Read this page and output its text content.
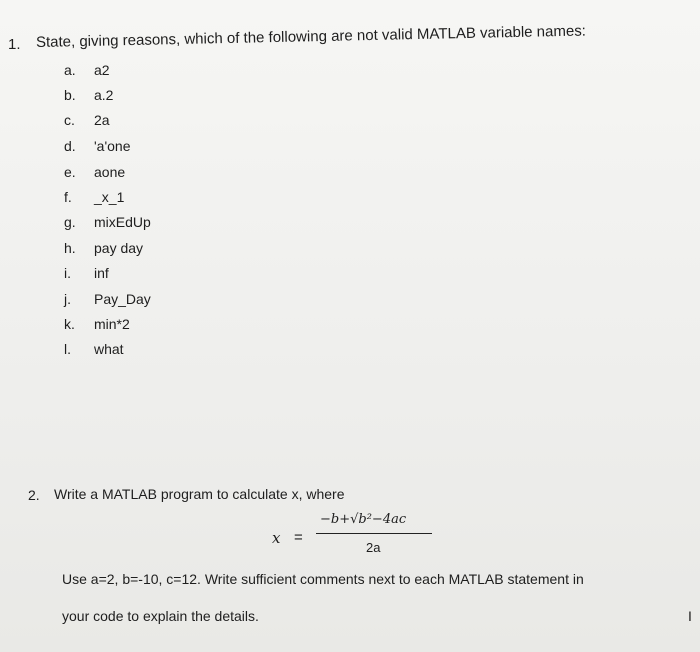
1. State, giving reasons, which of the following are not valid MATLAB variable names:
a. a2
b. a.2
c. 2a
d. 'a'one
e. aone
f. _x_1
g. mixEdUp
h. pay day
i. inf
j. Pay_Day
k. min*2
l. what
2. Write a MATLAB program to calculate x, where
x =
−b+√b²−4ac
2a
Use a=2, b=-10, c=12. Write sufficient comments next to each MATLAB statement in
your code to explain the details.	I
